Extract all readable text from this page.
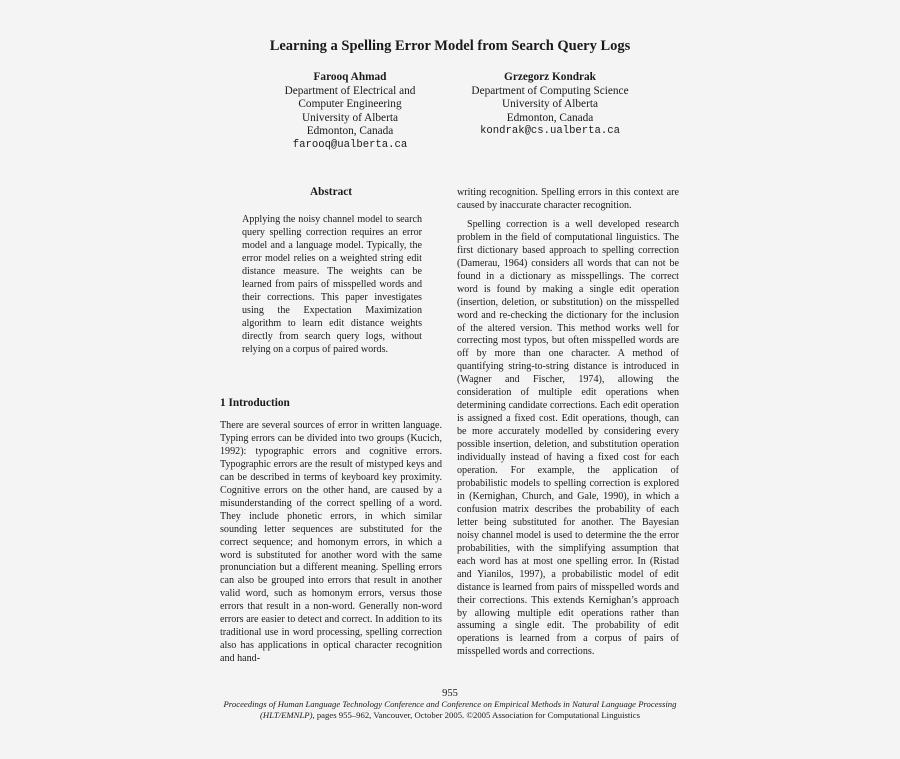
Learning a Spelling Error Model from Search Query Logs
Farooq Ahmad
Department of Electrical and
Computer Engineering
University of Alberta
Edmonton, Canada
farooq@ualberta.ca
Grzegorz Kondrak
Department of Computing Science
University of Alberta
Edmonton, Canada
kondrak@cs.ualberta.ca
Abstract
Applying the noisy channel model to search query spelling correction requires an error model and a language model. Typically, the error model relies on a weighted string edit distance measure. The weights can be learned from pairs of misspelled words and their corrections. This paper investigates using the Expectation Maximization algorithm to learn edit distance weights directly from search query logs, without relying on a corpus of paired words.
1 Introduction
There are several sources of error in written language. Typing errors can be divided into two groups (Kucich, 1992): typographic errors and cognitive errors. Typographic errors are the result of mistyped keys and can be described in terms of keyboard key proximity. Cognitive errors on the other hand, are caused by a misunderstanding of the correct spelling of a word. They include phonetic errors, in which similar sounding letter sequences are substituted for the correct sequence; and homonym errors, in which a word is substituted for another word with the same pronunciation but a different meaning. Spelling errors can also be grouped into errors that result in another valid word, such as homonym errors, versus those errors that result in a non-word. Generally non-word errors are easier to detect and correct. In addition to its traditional use in word processing, spelling correction also has applications in optical character recognition and hand-

writing recognition. Spelling errors in this context are caused by inaccurate character recognition.

Spelling correction is a well developed research problem in the field of computational linguistics. The first dictionary based approach to spelling correction (Damerau, 1964) considers all words that can not be found in a dictionary as misspellings. The correct word is found by making a single edit operation (insertion, deletion, or substitution) on the misspelled word and re-checking the dictionary for the inclusion of the altered version. This method works well for correcting most typos, but often misspelled words are off by more than one character. A method of quantifying string-to-string distance is introduced in (Wagner and Fischer, 1974), allowing the consideration of multiple edit operations when determining candidate corrections. Each edit operation is assigned a fixed cost. Edit operations, though, can be more accurately modelled by considering every possible insertion, deletion, and substitution operation individually instead of having a fixed cost for each operation. For example, the application of probabilistic models to spelling correction is explored in (Kernighan, Church, and Gale, 1990), in which a confusion matrix describes the probability of each letter being substituted for another. The Bayesian noisy channel model is used to determine the the error probabilities, with the simplifying assumption that each word has at most one spelling error. In (Ristad and Yianilos, 1997), a probabilistic model of edit distance is learned from pairs of misspelled words and their corrections. This extends Kernighan’s approach by allowing multiple edit operations rather than assuming a single edit. The probability of edit operations is learned from a corpus of pairs of misspelled words and corrections.

955
Proceedings of Human Language Technology Conference and Conference on Empirical Methods in Natural Language Processing (HLT/EMNLP), pages 955–962, Vancouver, October 2005. ©2005 Association for Computational Linguistics
